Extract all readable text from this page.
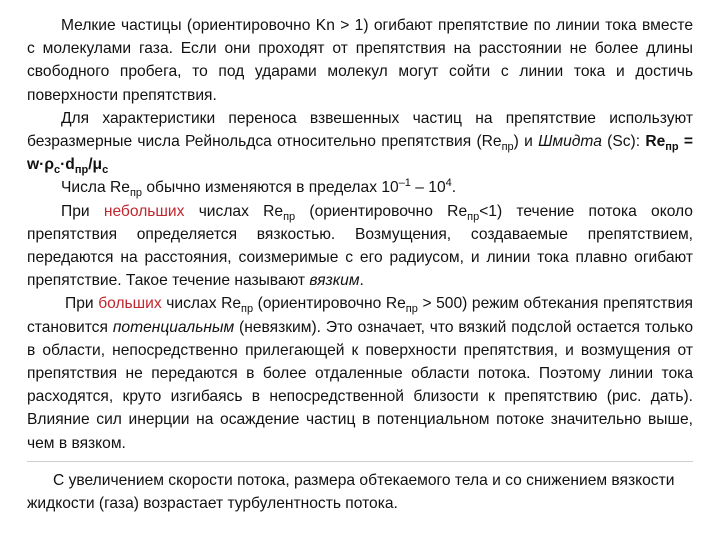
Мелкие частицы (ориентировочно Kn > 1) огибают препятствие по линии тока вместе с молекулами газа. Если они проходят от препятствия на расстоянии не более длины свободного пробега, то под ударами молекул могут сойти с линии тока и достичь поверхности препятствия.

Для характеристики переноса взвешенных частиц на препятствие используют безразмерные числа Рейнольдса относительно препятствия $(Re_{пр})$ и Шмидта (Sc): $Re_{пр} = w\cdot\rho_с\cdot d_{пр}/\mu_с$

Числа $Re_{пр}$ обычно изменяются в пределах $10^{-1} - 10^4$.

При небольших числах $Re_{пр}$ (ориентировочно $Re_{пр}<1$) течение потока около препятствия определяется вязкостью. Возмущения, создаваемые препятствием, передаются на расстояния, соизмеримые с его радиусом, и линии тока плавно огибают препятствие. Такое течение называют вязким.

При больших числах $Re_{пр}$ (ориентировочно $Re_{пр} > 500$) режим обтекания препятствия становится потенциальным (невязким). Это означает, что вязкий подслой остается только в области, непосредственно прилегающей к поверхности препятствия, и возмущения от препятствия не передаются в более отдаленные области потока. Поэтому линии тока расходятся, круто изгибаясь в непосредственной близости к препятствию (рис. дать). Влияние сил инерции на осаждение частиц в потенциальном потоке значительно выше, чем в вязком.

С увеличением скорости потока, размера обтекаемого тела и со снижением вязкости жидкости (газа) возрастает турбулентность потока.
